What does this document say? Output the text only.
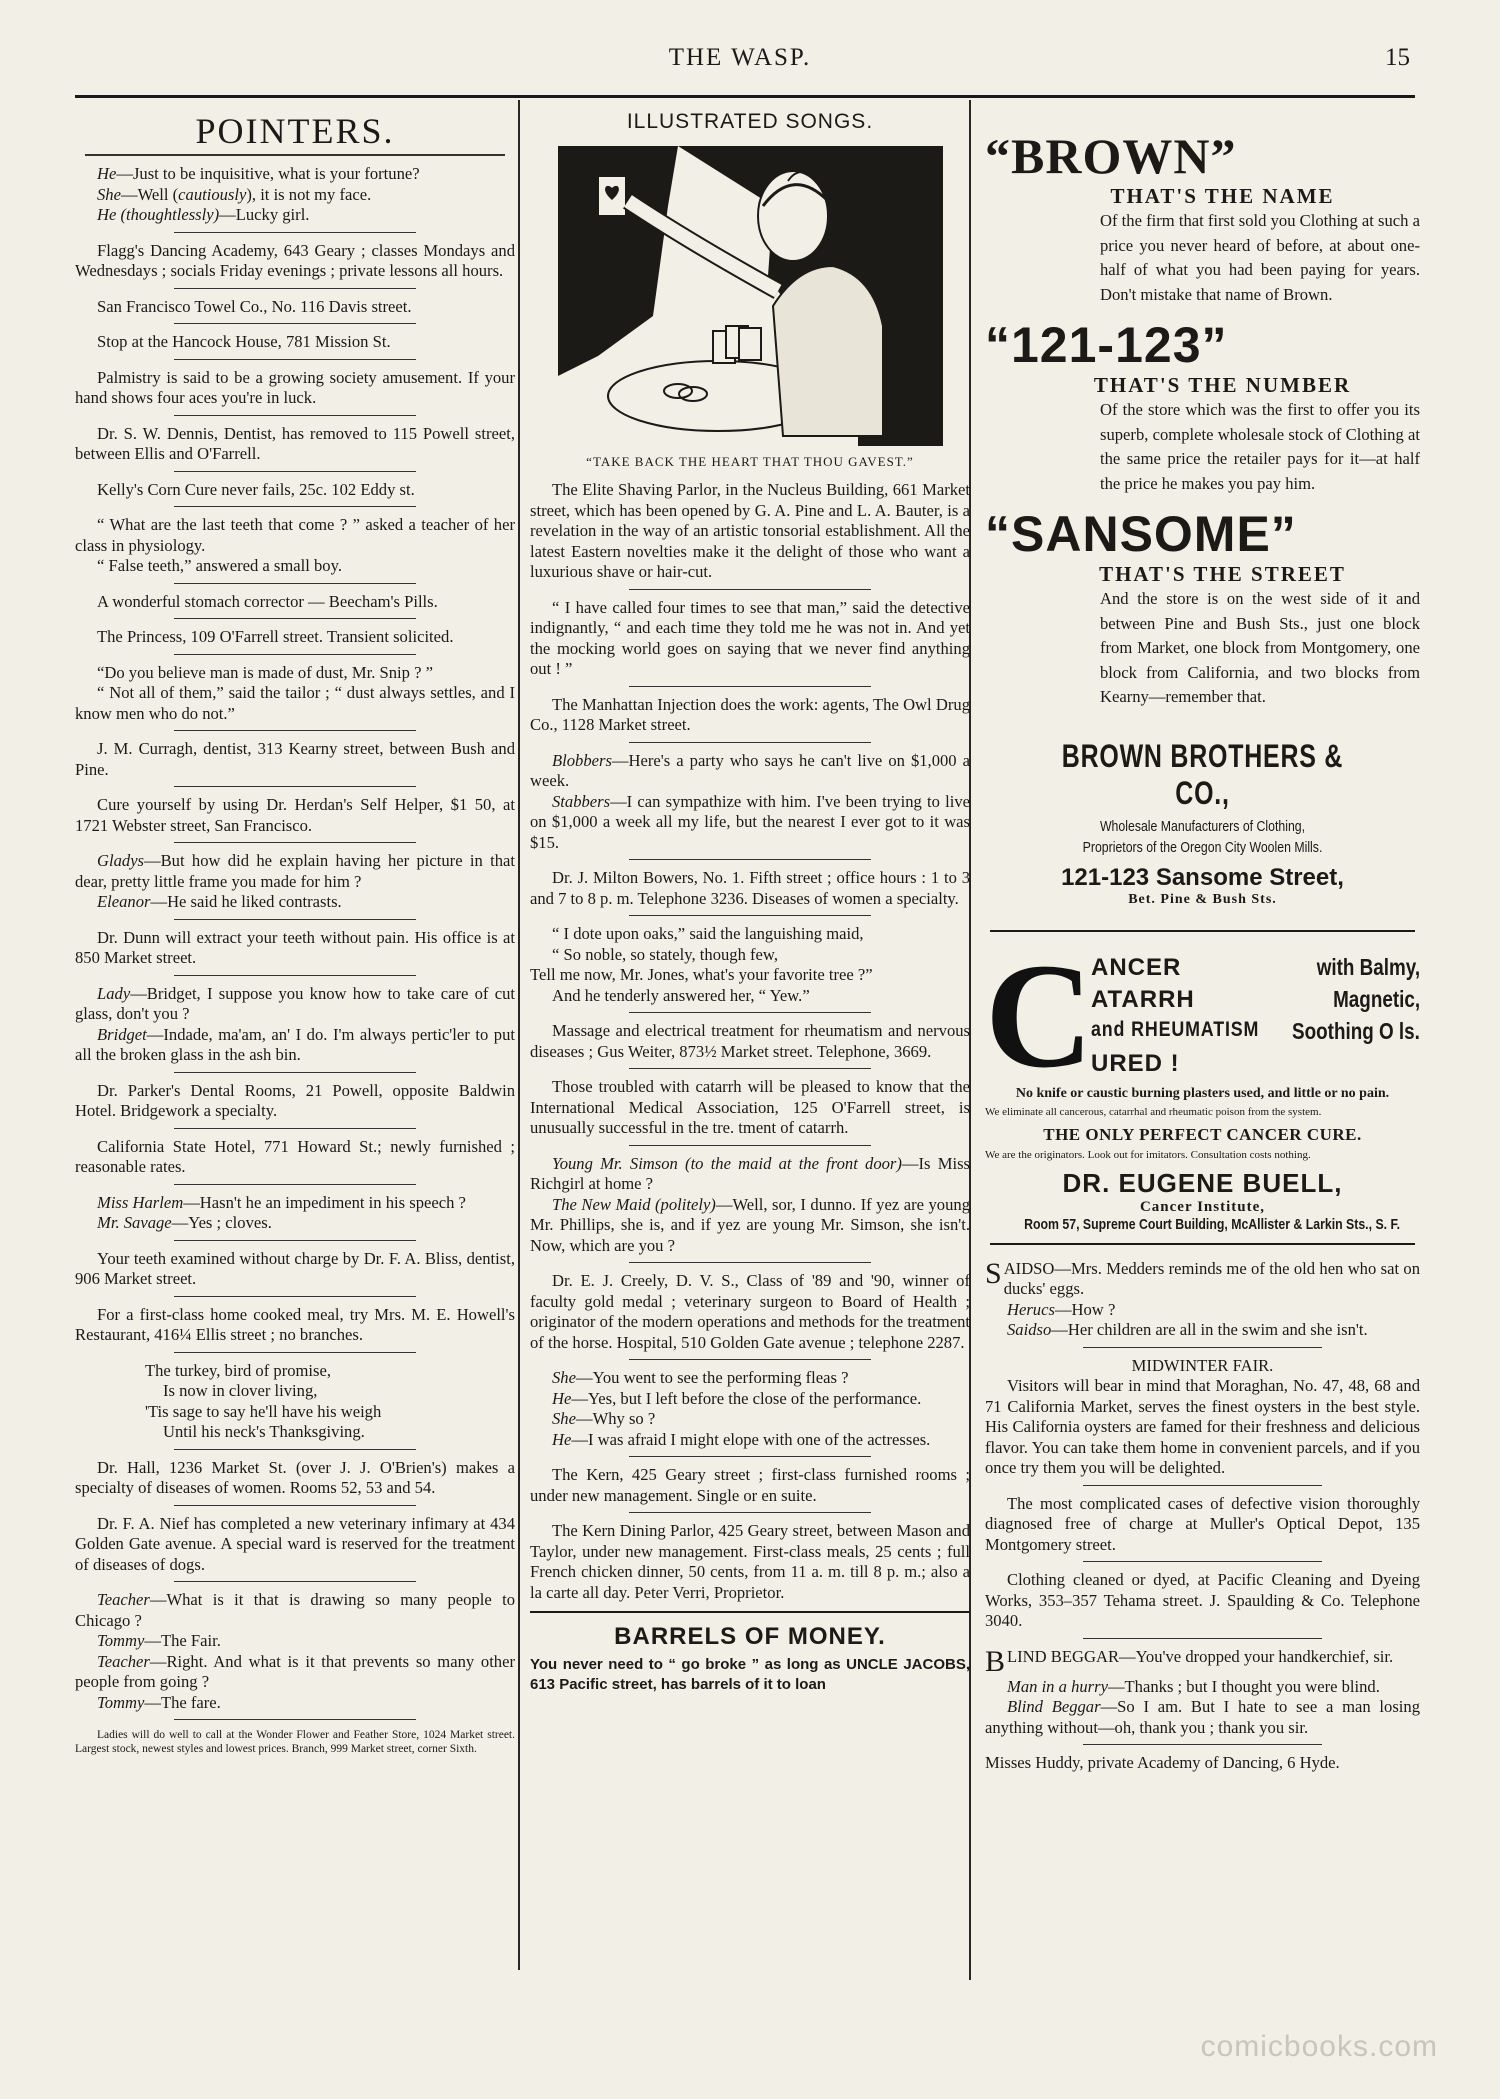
THE WASP.	15
POINTERS.

He—Just to be inquisitive, what is your fortune?

She—Well (cautiously), it is not my face.

He (thoughtlessly)—Lucky girl.

Flagg's Dancing Academy, 643 Geary ; classes Mondays and Wednesdays ; socials Friday evenings ; private lessons all hours.

San Francisco Towel Co., No. 116 Davis street.

Stop at the Hancock House, 781 Mission St.

Palmistry is said to be a growing society amusement. If your hand shows four aces you're in luck.

Dr. S. W. Dennis, Dentist, has removed to 115 Powell street, between Ellis and O'Farrell.

Kelly's Corn Cure never fails, 25c. 102 Eddy st.

“ What are the last teeth that come ? ” asked a teacher of her class in physiology.

“ False teeth,” answered a small boy.

A wonderful stomach corrector — Beecham's Pills.

The Princess, 109 O'Farrell street. Transient solicited.

“Do you believe man is made of dust, Mr. Snip ? ”

“ Not all of them,” said the tailor ; “ dust always settles, and I know men who do not.”

J. M. Curragh, dentist, 313 Kearny street, between Bush and Pine.

Cure yourself by using Dr. Herdan's Self Helper, $1 50, at 1721 Webster street, San Francisco.

Gladys—But how did he explain having her picture in that dear, pretty little frame you made for him ?

Eleanor—He said he liked contrasts.

Dr. Dunn will extract your teeth without pain. His office is at 850 Market street.

Lady—Bridget, I suppose you know how to take care of cut glass, don't you ?

Bridget—Indade, ma'am, an' I do. I'm always pertic'ler to put all the broken glass in the ash bin.

Dr. Parker's Dental Rooms, 21 Powell, opposite Baldwin Hotel. Bridgework a specialty.

California State Hotel, 771 Howard St.; newly furnished ; reasonable rates.

Miss Harlem—Hasn't he an impediment in his speech ?

Mr. Savage—Yes ; cloves.

Your teeth examined without charge by Dr. F. A. Bliss, dentist, 906 Market street.

For a first-class home cooked meal, try Mrs. M. E. Howell's Restaurant, 416¼ Ellis street ; no branches.

The turkey, bird of promise,

Is now in clover living,

'Tis sage to say he'll have his weigh

Until his neck's Thanksgiving.

Dr. Hall, 1236 Market St. (over J. J. O'Brien's) makes a specialty of diseases of women. Rooms 52, 53 and 54.

Dr. F. A. Nief has completed a new veterinary infimary at 434 Golden Gate avenue. A special ward is reserved for the treatment of diseases of dogs.

Teacher—What is it that is drawing so many people to Chicago ?

Tommy—The Fair.

Teacher—Right. And what is it that prevents so many other people from going ?

Tommy—The fare.

Ladies will do well to call at the Wonder Flower and Feather Store, 1024 Market street. Largest stock, newest styles and lowest prices. Branch, 999 Market street, corner Sixth.

ILLUSTRATED SONGS.
“TAKE BACK THE HEART THAT THOU GAVEST.”

The Elite Shaving Parlor, in the Nucleus Building, 661 Market street, which has been opened by G. A. Pine and L. A. Bauter, is a revelation in the way of an artistic tonsorial establishment. All the latest Eastern novelties make it the delight of those who want a luxurious shave or hair-cut.

“ I have called four times to see that man,” said the detective indignantly, “ and each time they told me he was not in. And yet the mocking world goes on saying that we never find anything out ! ”

The Manhattan Injection does the work: agents, The Owl Drug Co., 1128 Market street.

Blobbers—Here's a party who says he can't live on $1,000 a week.

Stabbers—I can sympathize with him. I've been trying to live on $1,000 a week all my life, but the nearest I ever got to it was $15.

Dr. J. Milton Bowers, No. 1. Fifth street ; office hours : 1 to 3 and 7 to 8 p. m. Telephone 3236. Diseases of women a specialty.

“ I dote upon oaks,” said the languishing maid,

“ So noble, so stately, though few,

Tell me now, Mr. Jones, what's your favorite tree ?”

And he tenderly answered her, “ Yew.”

Massage and electrical treatment for rheumatism and nervous diseases ; Gus Weiter, 873½ Market street. Telephone, 3669.

Those troubled with catarrh will be pleased to know that the International Medical Association, 125 O'Farrell street, is unusually successful in the tre. tment of catarrh.

Young Mr. Simson (to the maid at the front door)—Is Miss Richgirl at home ?

The New Maid (politely)—Well, sor, I dunno. If yez are young Mr. Phillips, she is, and if yez are young Mr. Simson, she isn't. Now, which are you ?

Dr. E. J. Creely, D. V. S., Class of '89 and '90, winner of faculty gold medal ; veterinary surgeon to Board of Health ; originator of the modern operations and methods for the treatment of the horse. Hospital, 510 Golden Gate avenue ; telephone 2287.

She—You went to see the performing fleas ?

He—Yes, but I left before the close of the performance.

She—Why so ?

He—I was afraid I might elope with one of the actresses.

The Kern, 425 Geary street ; first-class furnished rooms ; under new management. Single or en suite.

The Kern Dining Parlor, 425 Geary street, between Mason and Taylor, under new management. First-class meals, 25 cents ; full French chicken dinner, 50 cents, from 11 a. m. till 8 p. m.; also a la carte all day. Peter Verri, Proprietor.

BARRELS OF MONEY.
You never need to “ go broke ” as long as UNCLE JACOBS, 613 Pacific street, has barrels of it to loan
“BROWN”
THAT'S THE NAME

Of the firm that first sold you Clothing at such a price you never heard of before, at about one-half of what you had been paying for years. Don't mistake that name of Brown.

“121-123”
THAT'S THE NUMBER

Of the store which was the first to offer you its superb, complete wholesale stock of Clothing at the same price the retailer pays for it—at half the price he makes you pay him.

“SANSOME”
THAT'S THE STREET

And the store is on the west side of it and between Pine and Bush Sts., just one block from Market, one block from Montgomery, one block from California, and two blocks from Kearny—remember that.

BROWN BROTHERS & CO.,
Wholesale Manufacturers of Clothing,
Proprietors of the Oregon City Woolen Mills.
121-123 Sansome Street,
Bet. Pine & Bush Sts.
C
ANCER
ATARRH
and RHEUMATISM
URED !
with Balmy,
Magnetic,
Soothing O ls.
No knife or caustic burning plasters used, and little or no pain.
We eliminate all cancerous, catarrhal and rheumatic poison from the system.
THE ONLY PERFECT CANCER CURE.
We are the originators. Look out for imitators. Consultation costs nothing.
DR. EUGENE BUELL,
Cancer Institute,
Room 57, Supreme Court Building, McAllister & Larkin Sts., S. F.

SAIDSO—Mrs. Medders reminds me of the old hen who sat on ducks' eggs.

Herucs—How ?

Saidso—Her children are all in the swim and she isn't.

MIDWINTER FAIR.

Visitors will bear in mind that Moraghan, No. 47, 48, 68 and 71 California Market, serves the finest oysters in the best style. His California oysters are famed for their freshness and delicious flavor. You can take them home in convenient parcels, and if you once try them you will be delighted.

The most complicated cases of defective vision thoroughly diagnosed free of charge at Muller's Optical Depot, 135 Montgomery street.

Clothing cleaned or dyed, at Pacific Cleaning and Dyeing Works, 353–357 Tehama street. J. Spaulding & Co. Telephone 3040.

BLIND BEGGAR—You've dropped your handkerchief, sir.

Man in a hurry—Thanks ; but I thought you were blind.

Blind Beggar—So I am. But I hate to see a man losing anything without—oh, thank you ; thank you sir.

Misses Huddy, private Academy of Dancing, 6 Hyde.

comicbooks.com
